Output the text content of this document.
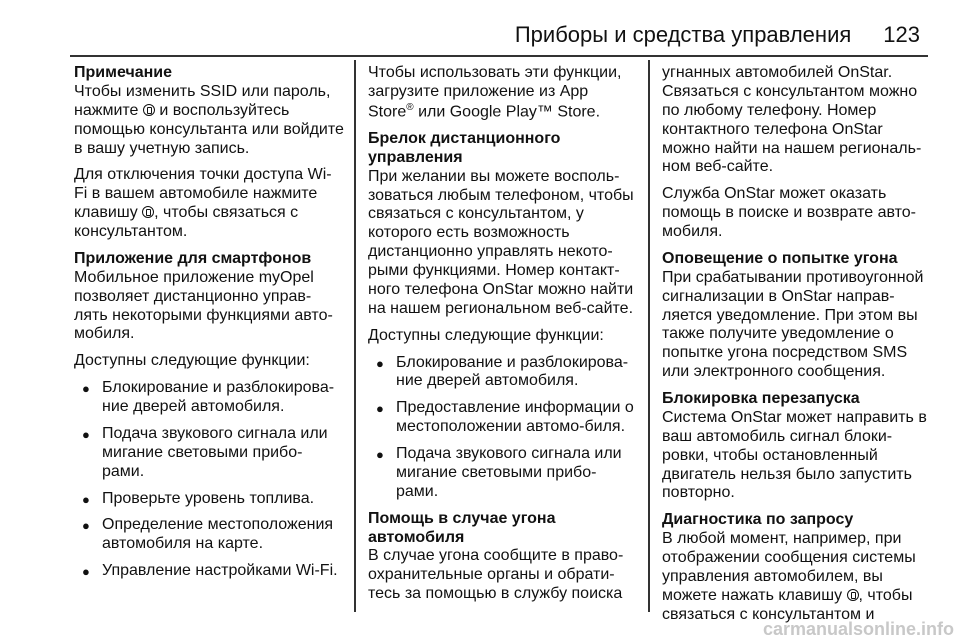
Приборы и средства управления 123
Примечание

Чтобы изменить SSID или пароль, нажмите и воспользуйтесь помощью консультанта или войдите в вашу учетную запись.

Для отключения точки доступа Wi-Fi в вашем автомобиле нажмите клавишу , чтобы связаться с консультантом.

Приложение для смартфонов

Мобильное приложение myOpel позволяет дистанционно управ-лять некоторыми функциями авто-мобиля.

Доступны следующие функции:

● Блокирование и разблокирова-ние дверей автомобиля.
● Подача звукового сигнала или мигание световыми прибо-рами.
● Проверьте уровень топлива.
● Определение местоположения автомобиля на карте.
● Управление настройками Wi-Fi.

Чтобы использовать эти функции, загрузите приложение из App Store® или Google Play™ Store.

Брелок дистанционного управления

При желании вы можете восполь-зоваться любым телефоном, чтобы связаться с консультантом, у которого есть возможность дистанционно управлять некото-рыми функциями. Номер контакт-ного телефона OnStar можно найти на нашем региональном веб-сайте.

Доступны следующие функции:

● Блокирование и разблокирова-ние дверей автомобиля.
● Предоставление информации о местоположении автомо-биля.
● Подача звукового сигнала или мигание световыми прибо-рами.
Помощь в случае угона автомобиля

В случае угона сообщите в право-охранительные органы и обрати-тесь за помощью в службу поиска

угнанных автомобилей OnStar. Связаться с консультантом можно по любому телефону. Номер контактного телефона OnStar можно найти на нашем региональ-ном веб-сайте.

Служба OnStar может оказать помощь в поиске и возврате авто-мобиля.

Оповещение о попытке угона

При срабатывании противоугонной сигнализации в OnStar направ-ляется уведомление. При этом вы также получите уведомление о попытке угона посредством SMS или электронного сообщения.

Блокировка перезапуска

Система OnStar может направить в ваш автомобиль сигнал блоки-ровки, чтобы остановленный двигатель нельзя было запустить повторно.

Диагностика по запросу

В любой момент, например, при отображении сообщения системы управления автомобилем, вы можете нажать клавишу , чтобы связаться с консультантом и

carmanualsonline.info
